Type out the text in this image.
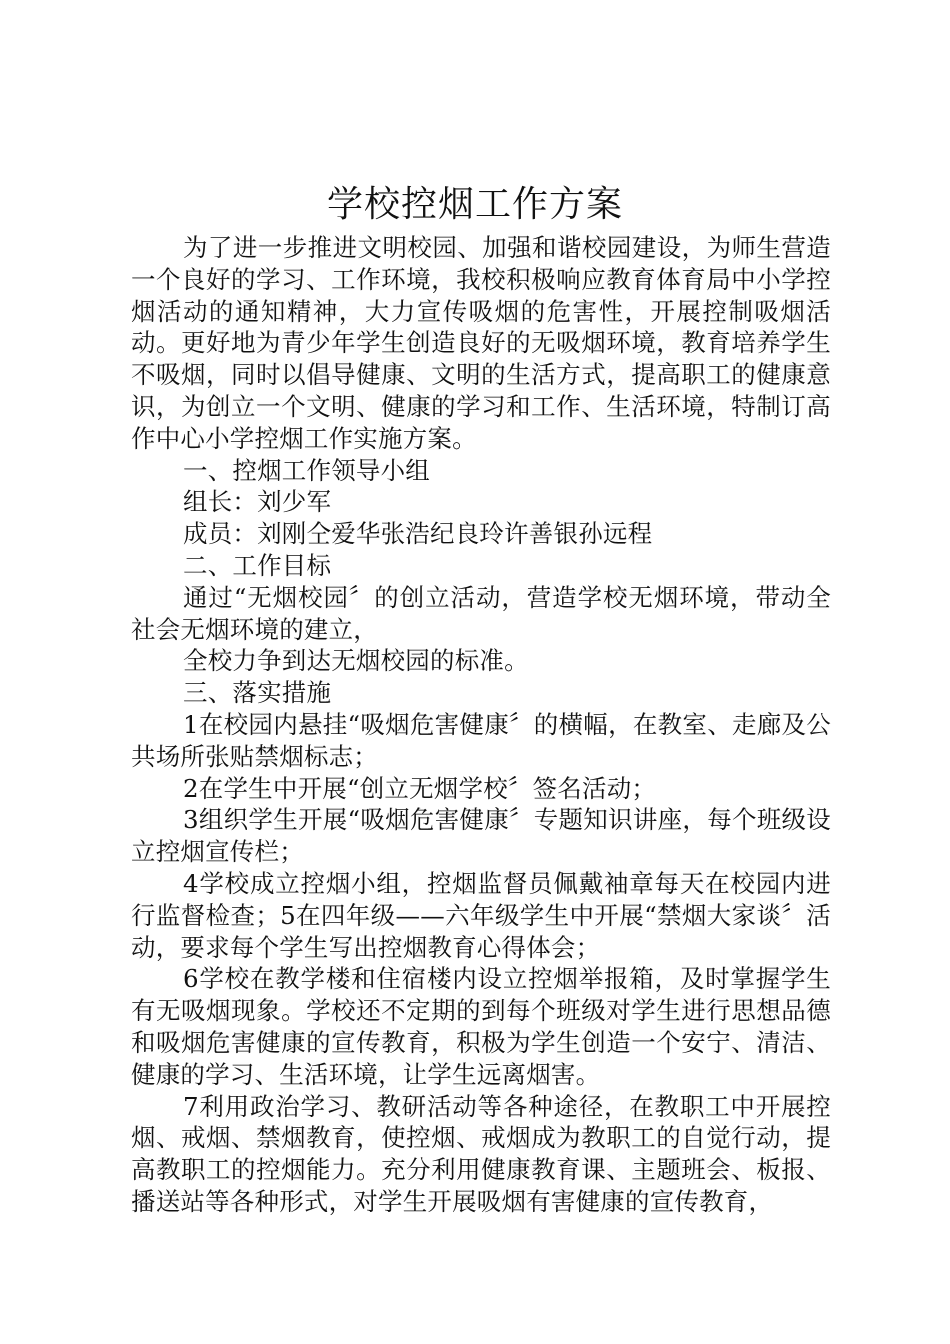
学校控烟工作方案

为了进一步推进文明校园、加强和谐校园建设，为师生营造一个良好的学习、工作环境，我校积极响应教育体育局中小学控烟活动的通知精神，大力宣传吸烟的危害性，开展控制吸烟活动。更好地为青少年学生创造良好的无吸烟环境，教育培养学生不吸烟，同时以倡导健康、文明的生活方式，提高职工的健康意识，为创立一个文明、健康的学习和工作、生活环境，特制订高作中心小学控烟工作实施方案。

一、控烟工作领导小组

组长：刘少军

成员：刘刚仝爱华张浩纪良玲许善银孙远程

二、工作目标

通过“无烟校园〞的创立活动，营造学校无烟环境，带动全社会无烟环境的建立，

全校力争到达无烟校园的标准。

三、落实措施

1在校园内悬挂“吸烟危害健康〞的横幅，在教室、走廊及公共场所张贴禁烟标志；

2在学生中开展“创立无烟学校〞签名活动；

3组织学生开展“吸烟危害健康〞专题知识讲座，每个班级设立控烟宣传栏；

4学校成立控烟小组，控烟监督员佩戴袖章每天在校园内进行监督检查；5在四年级——六年级学生中开展“禁烟大家谈〞活动，要求每个学生写出控烟教育心得体会；

6学校在教学楼和住宿楼内设立控烟举报箱，及时掌握学生有无吸烟现象。学校还不定期的到每个班级对学生进行思想品德和吸烟危害健康的宣传教育，积极为学生创造一个安宁、清洁、健康的学习、生活环境，让学生远离烟害。

7利用政治学习、教研活动等各种途径，在教职工中开展控烟、戒烟、禁烟教育，使控烟、戒烟成为教职工的自觉行动，提高教职工的控烟能力。充分利用健康教育课、主题班会、板报、播送站等各种形式，对学生开展吸烟有害健康的宣传教育，
